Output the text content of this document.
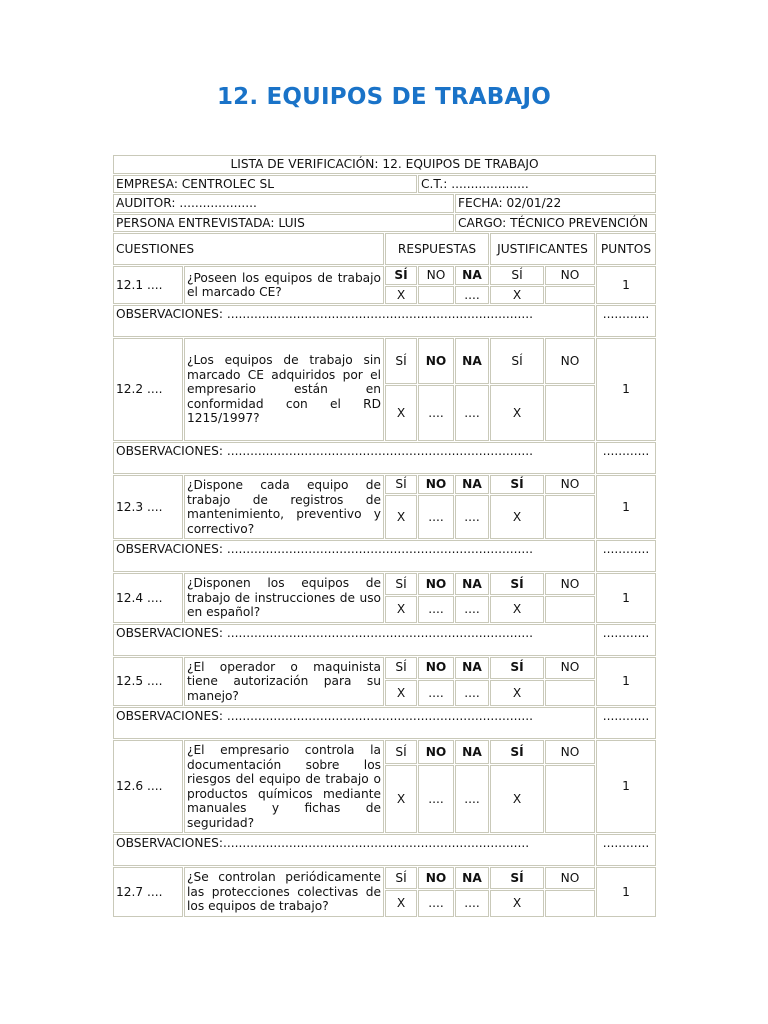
12. EQUIPOS DE TRABAJO
LISTA DE VERIFICACIÓN: 12. EQUIPOS DE TRABAJO							
EMPRESA: CENTROLEC SL			C.T.: ....................				
AUDITOR: ....................				FECHA: 02/01/22			
PERSONA ENTREVISTADA: LUIS				CARGO: TÉCNICO PREVENCIÓN			
CUESTIONES		RESPUESTAS			JUSTIFICANTES		PUNTOS
12.1 ....	¿Poseen los equipos de trabajo el marcado CE?	SÍ	NO	NA	SÍ	NO	1
		X		....	X		
OBSERVACIONES: ...............................................................................							............
12.2 ....	¿Los equipos de trabajo sin marcado CE adquiridos por el empresario están en conformidad con el RD 1215/1997?	SÍ	NO	NA	SÍ	NO	1
		X	....	....	X		
OBSERVACIONES: ...............................................................................							............
12.3 ....	¿Dispone cada equipo de trabajo de registros de mantenimiento, preventivo y correctivo?	SÍ	NO	NA	SÍ	NO	1
		X	....	....	X		
OBSERVACIONES: ...............................................................................							............
12.4 ....	¿Disponen los equipos de trabajo de instrucciones de uso en español?	SÍ	NO	NA	SÍ	NO	1
		X	....	....	X		
OBSERVACIONES: ...............................................................................							............
12.5 ....	¿El operador o maquinista tiene autorización para su manejo?	SÍ	NO	NA	SÍ	NO	1
		X	....	....	X		
OBSERVACIONES: ...............................................................................							............
12.6 ....	¿El empresario controla la documentación sobre los riesgos del equipo de trabajo o productos químicos mediante manuales y fichas de seguridad?	SÍ	NO	NA	SÍ	NO	1
		X	....	....	X		
OBSERVACIONES:...............................................................................							............
12.7 ....	¿Se controlan periódicamente las protecciones colectivas de los equipos de trabajo?	SÍ	NO	NA	SÍ	NO	1
		X	....	....	X		
